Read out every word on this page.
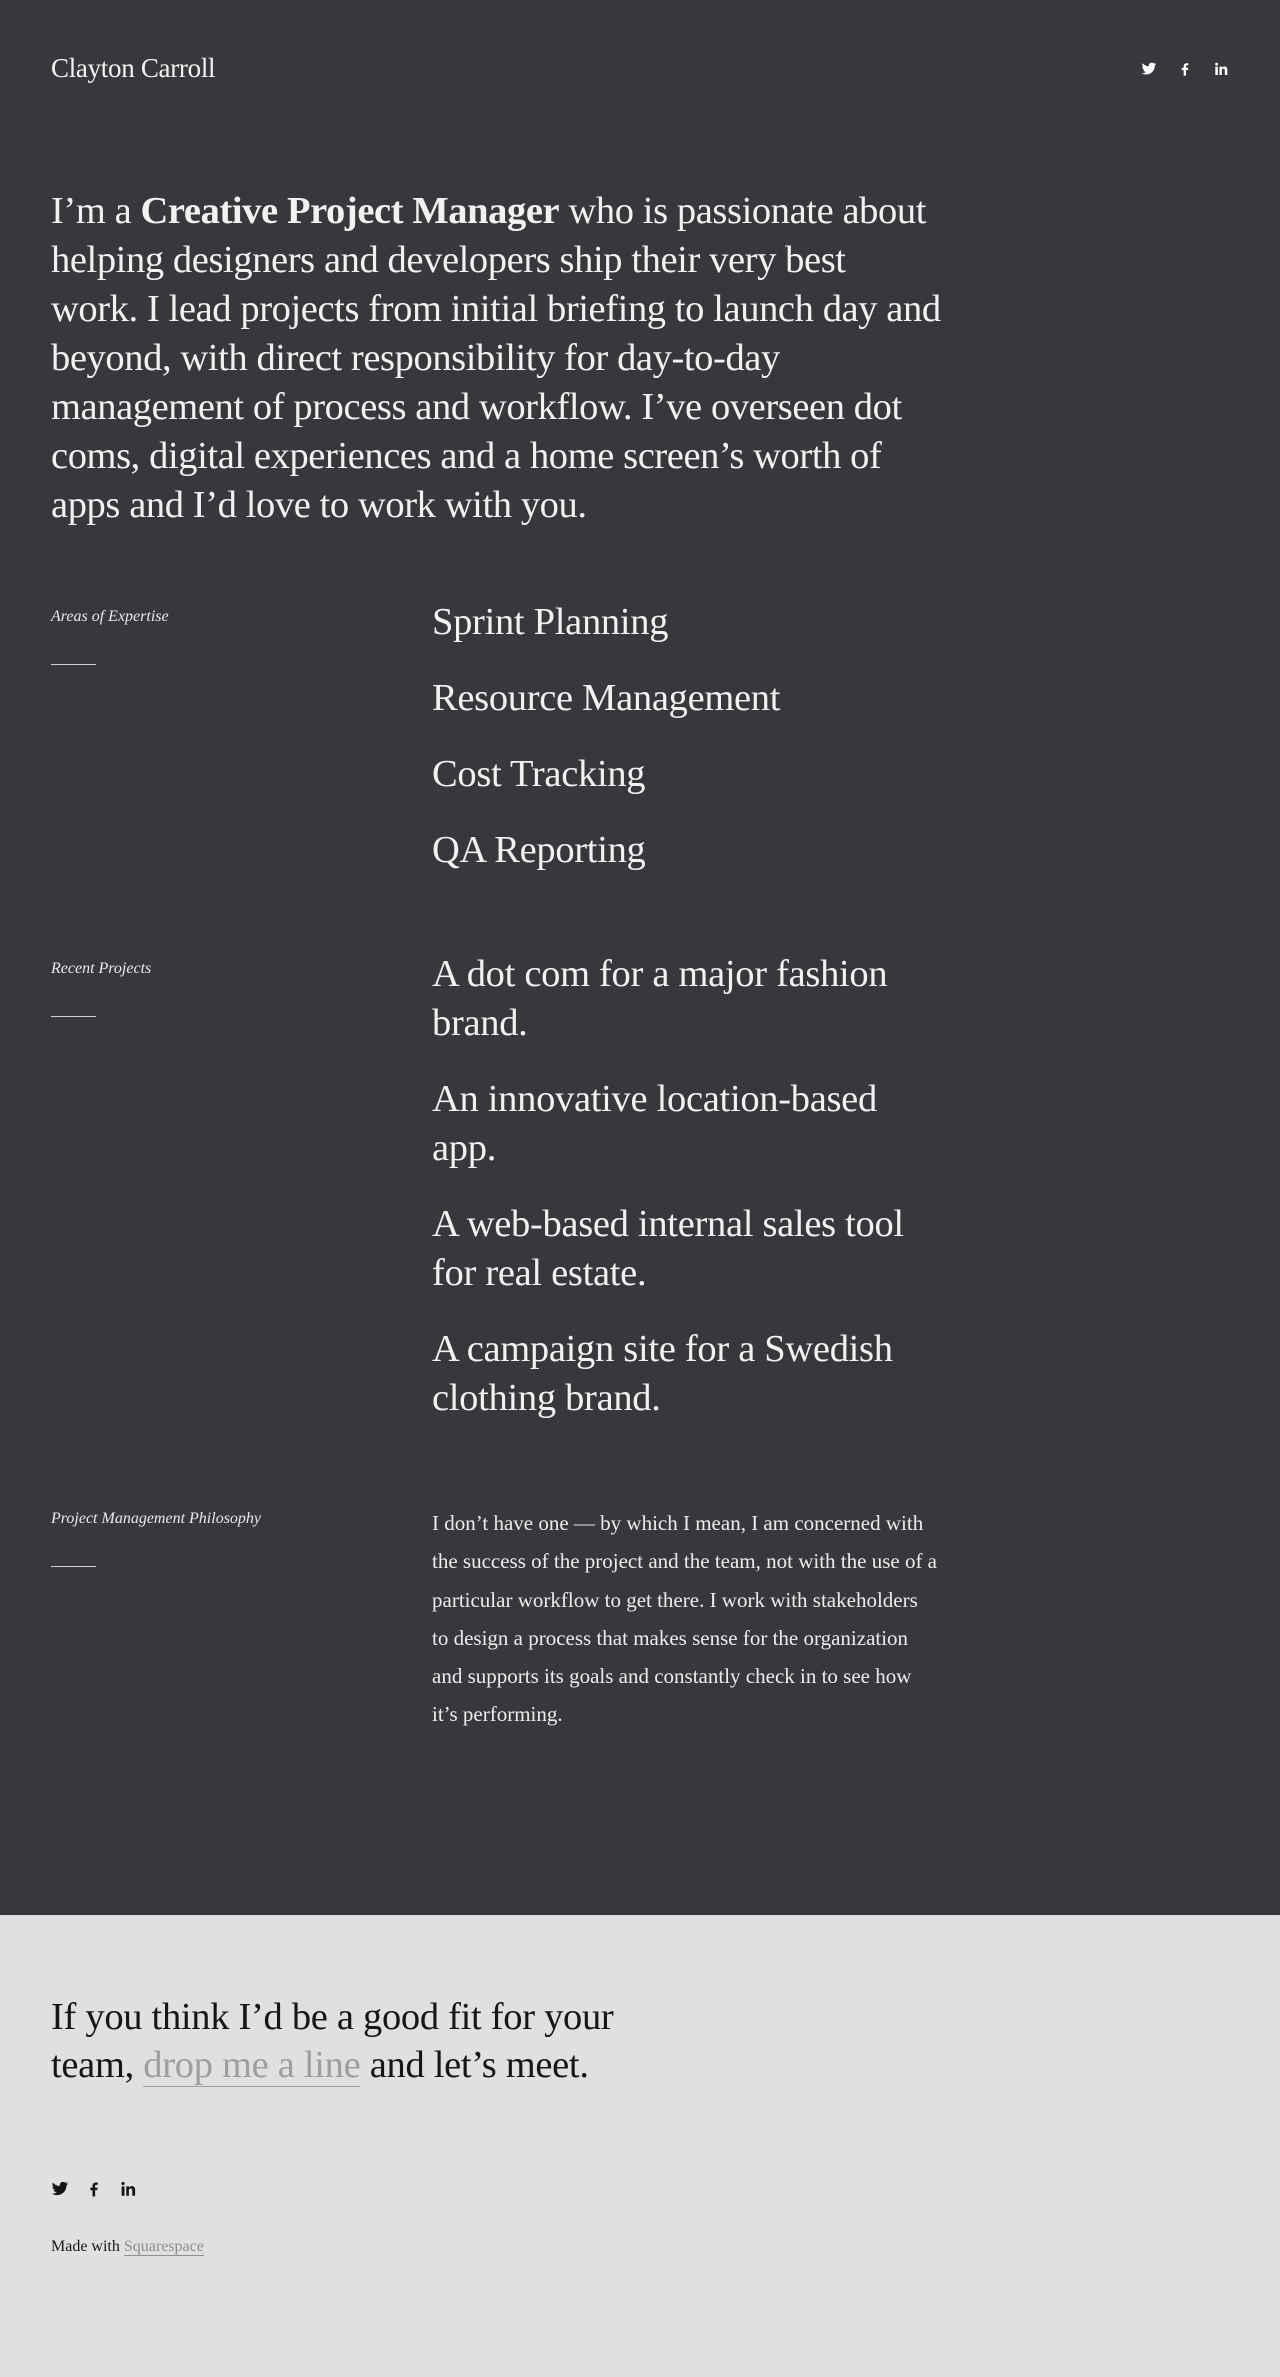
Clayton Carroll
I’m a Creative Project Manager who is passionate about helping designers and developers ship their very best work. I lead projects from initial briefing to launch day and beyond, with direct responsibility for day-to-day management of process and workflow. I’ve overseen dot coms, digital experiences and a home screen’s worth of apps and I’d love to work with you.
Areas of Expertise	Sprint Planning
Resource Management
Cost Tracking
QA Reporting
Recent Projects	A dot com for a major fashion brand.
An innovative location-based app.
A web-based internal sales tool for real estate.
A campaign site for a Swedish clothing brand.
Project Management Philosophy	I don’t have one — by which I mean, I am concerned with the success of the project and the team, not with the use of a particular workflow to get there. I work with stakeholders to design a process that makes sense for the organization and supports its goals and constantly check in to see how it’s performing.

If you think I’d be a good fit for your team, drop me a line and let’s meet.
Made with Squarespace
